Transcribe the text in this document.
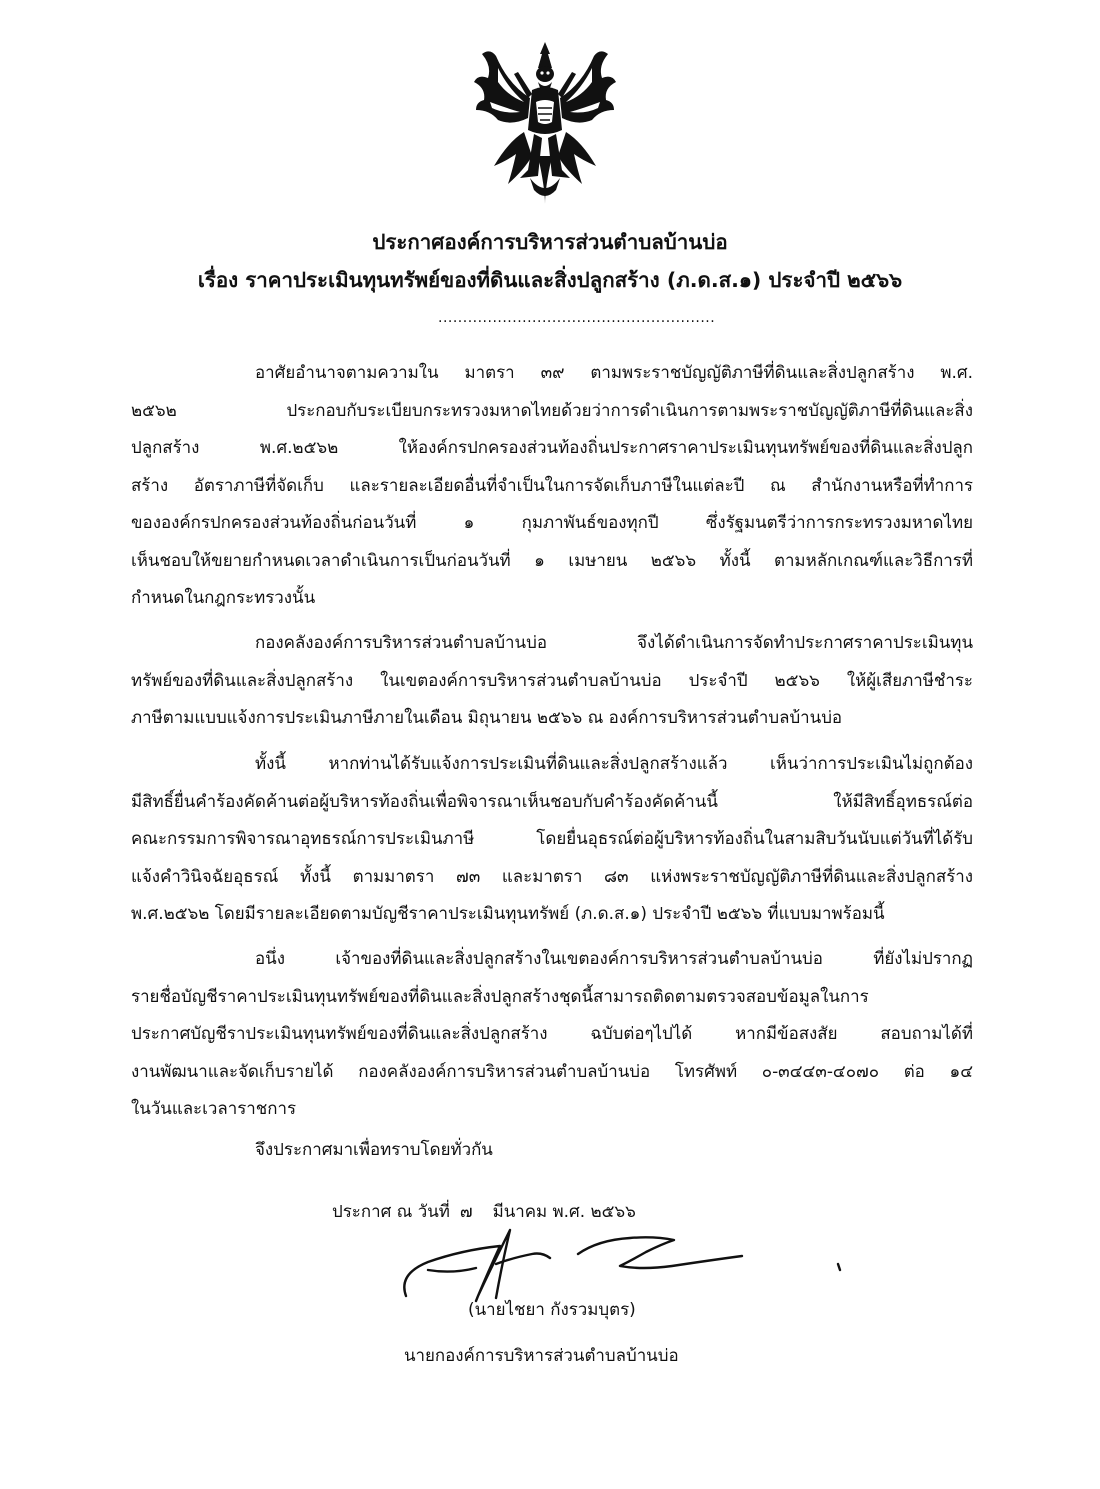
ประกาศองค์การบริหารส่วนตำบลบ้านบ่อ
เรื่อง ราคาประเมินทุนทรัพย์ของที่ดินและสิ่งปลูกสร้าง (ภ.ด.ส.๑) ประจำปี ๒๕๖๖
........................................................
อาศัยอำนาจตามความใน มาตรา ๓๙ ตามพระราชบัญญัติภาษีที่ดินและสิ่งปลูกสร้าง พ.ศ.
๒๕๖๒ ประกอบกับระเบียบกระทรวงมหาดไทยด้วยว่าการดำเนินการตามพระราชบัญญัติภาษีที่ดินและสิ่ง
ปลูกสร้าง พ.ศ.๒๕๖๒ ให้องค์กรปกครองส่วนท้องถิ่นประกาศราคาประเมินทุนทรัพย์ของที่ดินและสิ่งปลูก
สร้าง อัตราภาษีที่จัดเก็บ และรายละเอียดอื่นที่จำเป็นในการจัดเก็บภาษีในแต่ละปี ณ สำนักงานหรือที่ทำการ
ขององค์กรปกครองส่วนท้องถิ่นก่อนวันที่ ๑ กุมภาพันธ์ของทุกปี ซึ่งรัฐมนตรีว่าการกระทรวงมหาดไทย
เห็นชอบให้ขยายกำหนดเวลาดำเนินการเป็นก่อนวันที่ ๑ เมษายน ๒๕๖๖ ทั้งนี้ ตามหลักเกณฑ์และวิธีการที่
กำหนดในกฎกระทรวงนั้น
กองคลังองค์การบริหารส่วนตำบลบ้านบ่อ จึงได้ดำเนินการจัดทำประกาศราคาประเมินทุน
ทรัพย์ของที่ดินและสิ่งปลูกสร้าง ในเขตองค์การบริหารส่วนตำบลบ้านบ่อ ประจำปี ๒๕๖๖ ให้ผู้เสียภาษีชำระ
ภาษีตามแบบแจ้งการประเมินภาษีภายในเดือน มิถุนายน ๒๕๖๖ ณ องค์การบริหารส่วนตำบลบ้านบ่อ
ทั้งนี้ หากท่านได้รับแจ้งการประเมินที่ดินและสิ่งปลูกสร้างแล้ว เห็นว่าการประเมินไม่ถูกต้อง
มีสิทธิ์ยื่นคำร้องคัดค้านต่อผู้บริหารท้องถิ่นเพื่อพิจารณาเห็นชอบกับคำร้องคัดค้านนี้ ให้มีสิทธิ์อุทธรณ์ต่อ
คณะกรรมการพิจารณาอุทธรณ์การประเมินภาษี โดยยื่นอุธรณ์ต่อผู้บริหารท้องถิ่นในสามสิบวันนับแต่วันที่ได้รับ
แจ้งคำวินิจฉัยอุธรณ์ ทั้งนี้ ตามมาตรา ๗๓ และมาตรา ๘๓ แห่งพระราชบัญญัติภาษีที่ดินและสิ่งปลูกสร้าง
พ.ศ.๒๕๖๒ โดยมีรายละเอียดตามบัญชีราคาประเมินทุนทรัพย์ (ภ.ด.ส.๑) ประจำปี ๒๕๖๖ ที่แบบมาพร้อมนี้
อนึ่ง เจ้าของที่ดินและสิ่งปลูกสร้างในเขตองค์การบริหารส่วนตำบลบ้านบ่อ ที่ยังไม่ปรากฏ
รายชื่อบัญชีราคาประเมินทุนทรัพย์ของที่ดินและสิ่งปลูกสร้างชุดนี้สามารถติดตามตรวจสอบข้อมูลในการ
ประกาศบัญชีราประเมินทุนทรัพย์ของที่ดินและสิ่งปลูกสร้าง ฉบับต่อๆไปได้ หากมีข้อสงสัย สอบถามได้ที่
งานพัฒนาและจัดเก็บรายได้ กองคลังองค์การบริหารส่วนตำบลบ้านบ่อ โทรศัพท์ ๐-๓๔๔๓-๔๐๗๐ ต่อ ๑๔
ในวันและเวลาราชการ
จึงประกาศมาเพื่อทราบโดยทั่วกัน
ประกาศ ณ วันที่ ๗ มีนาคม พ.ศ. ๒๕๖๖
(นายไชยา กังรวมบุตร)
นายกองค์การบริหารส่วนตำบลบ้านบ่อ
